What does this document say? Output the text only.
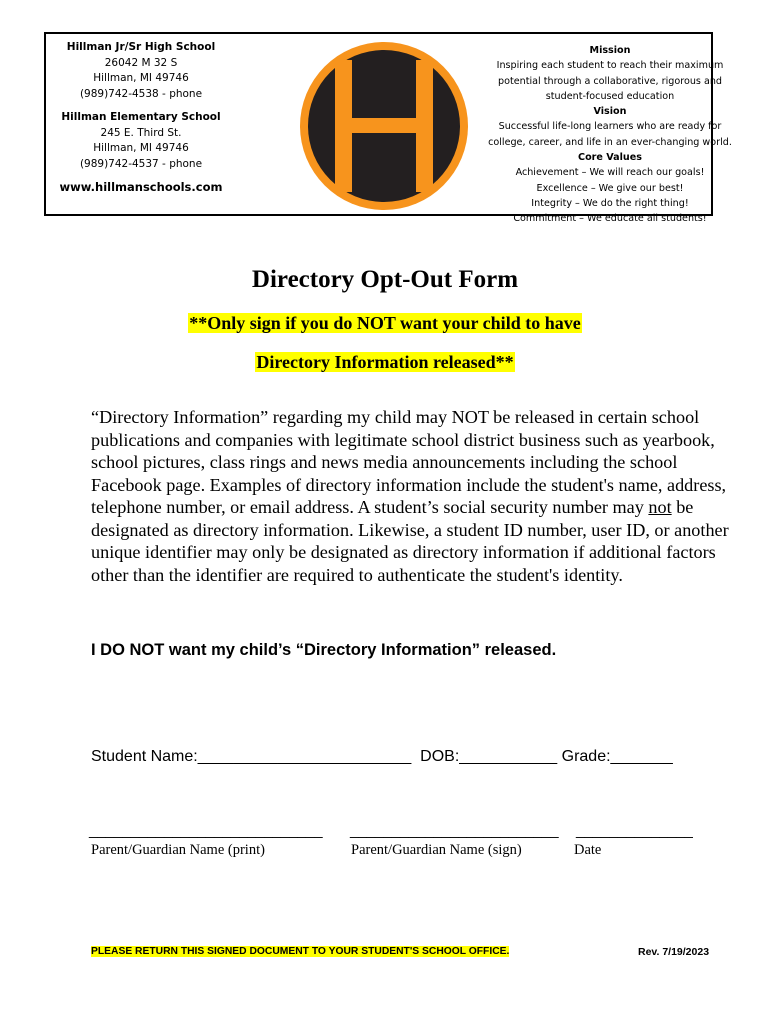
Hillman Jr/Sr High School
26042 M 32 S
Hillman, MI 49746
(989)742-4538 - phone
Hillman Elementary School
245 E. Third St.
Hillman, MI 49746
(989)742-4537 - phone
www.hillmanschools.com
Mission
Inspiring each student to reach their maximum
potential through a collaborative, rigorous and
student-focused education
Vision
Successful life-long learners who are ready for
college, career, and life in an ever-changing world.
Core Values
Achievement – We will reach our goals!
Excellence – We give our best!
Integrity – We do the right thing!
Commitment – We educate all students!
Directory Opt-Out Form
**Only sign if you do NOT want your child to have
Directory Information released**

“Directory Information” regarding my child may NOT be released in certain school publications and companies with legitimate school district business such as yearbook, school pictures, class rings and news media announcements including the school Facebook page. Examples of directory information include the student's name, address, telephone number, or email address. A student’s social security number may not be designated as directory information. Likewise, a student ID number, user ID, or another unique identifier may only be designated as directory information if additional factors other than the identifier are required to authenticate the student's identity.

I DO NOT want my child’s “Directory Information” released.

Student Name:________________________  DOB:___________ Grade:_______

____________________________ _________________________ ______________

Parent/Guardian Name (print)	Parent/Guardian Name (sign)	Date

PLEASE RETURN THIS SIGNED DOCUMENT TO YOUR STUDENT'S SCHOOL OFFICE.	Rev. 7/19/2023
